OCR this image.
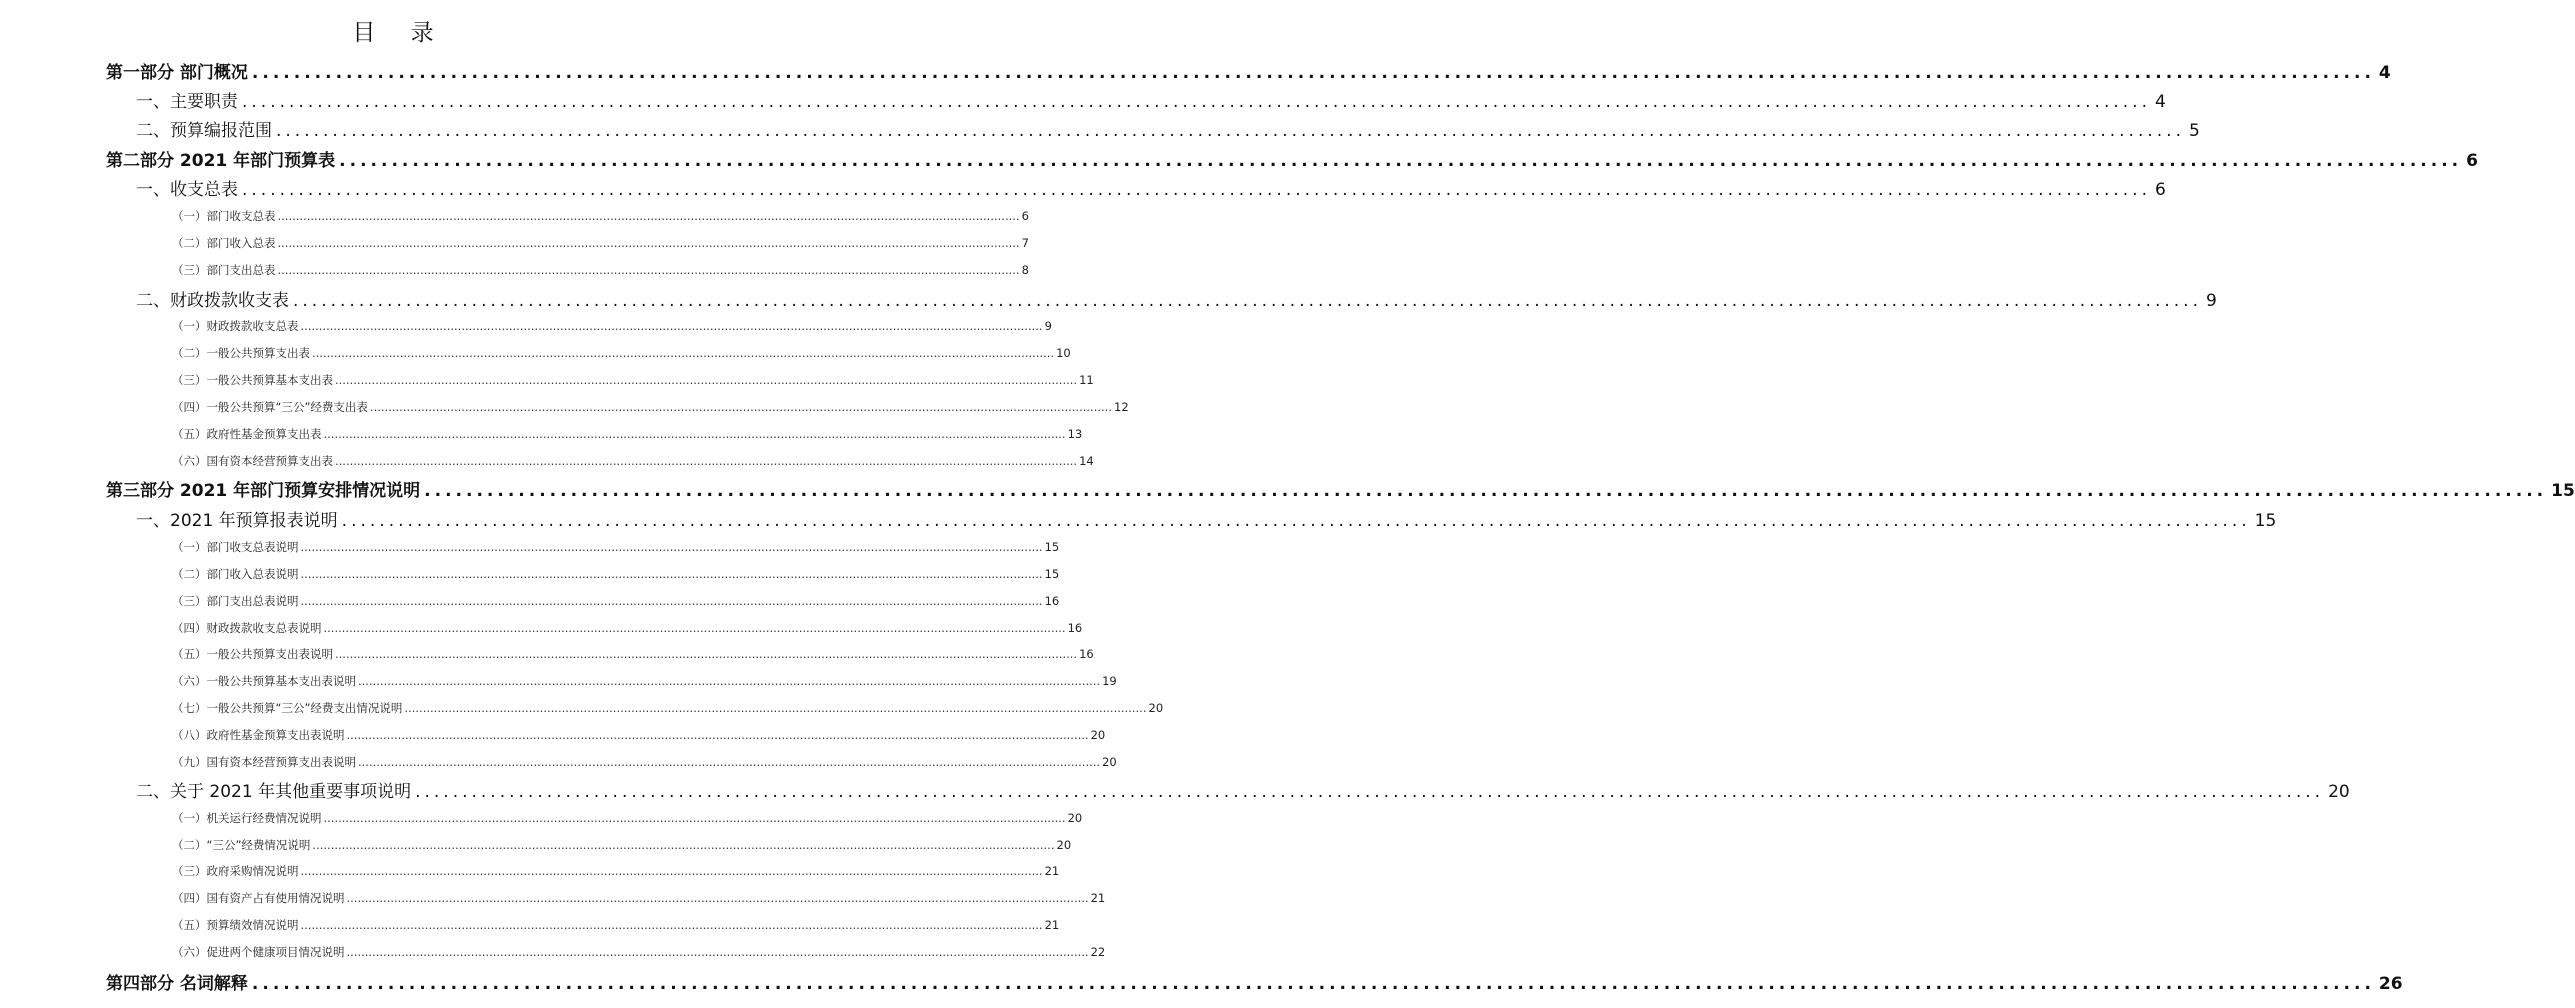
目 录
第一部分 部门概况 ........................................................................................................................................................................................................... 4
一、主要职责 ........................................................................................................................................................................................................... 4
二、预算编报范围 ........................................................................................................................................................................................................... 5
第二部分 2021 年部门预算表 ........................................................................................................................................................................................................... 6
一、收支总表 ........................................................................................................................................................................................................... 6
（一）部门收支总表 ........................................................................................................................................................................................................... 6
（二）部门收入总表 ........................................................................................................................................................................................................... 7
（三）部门支出总表 ........................................................................................................................................................................................................... 8
二、财政拨款收支表 ........................................................................................................................................................................................................... 9
（一）财政拨款收支总表 ........................................................................................................................................................................................................... 9
（二）一般公共预算支出表 ........................................................................................................................................................................................................... 10
（三）一般公共预算基本支出表 ........................................................................................................................................................................................................... 11
（四）一般公共预算“三公”经费支出表 ........................................................................................................................................................................................................... 12
（五）政府性基金预算支出表 ........................................................................................................................................................................................................... 13
（六）国有资本经营预算支出表 ........................................................................................................................................................................................................... 14
第三部分 2021 年部门预算安排情况说明 ........................................................................................................................................................................................................... 15
一、2021 年预算报表说明 ........................................................................................................................................................................................................... 15
（一）部门收支总表说明 ........................................................................................................................................................................................................... 15
（二）部门收入总表说明 ........................................................................................................................................................................................................... 15
（三）部门支出总表说明 ........................................................................................................................................................................................................... 16
（四）财政拨款收支总表说明 ........................................................................................................................................................................................................... 16
（五）一般公共预算支出表说明 ........................................................................................................................................................................................................... 16
（六）一般公共预算基本支出表说明 ........................................................................................................................................................................................................... 19
（七）一般公共预算“三公”经费支出情况说明 ........................................................................................................................................................................................................... 20
（八）政府性基金预算支出表说明 ........................................................................................................................................................................................................... 20
（九）国有资本经营预算支出表说明 ........................................................................................................................................................................................................... 20
二、关于 2021 年其他重要事项说明 ........................................................................................................................................................................................................... 20
（一）机关运行经费情况说明 ........................................................................................................................................................................................................... 20
（二）“三公”经费情况说明 ........................................................................................................................................................................................................... 20
（三）政府采购情况说明 ........................................................................................................................................................................................................... 21
（四）国有资产占有使用情况说明 ........................................................................................................................................................................................................... 21
（五）预算绩效情况说明 ........................................................................................................................................................................................................... 21
（六）促进两个健康项目情况说明 ........................................................................................................................................................................................................... 22
第四部分 名词解释 ........................................................................................................................................................................................................... 26
